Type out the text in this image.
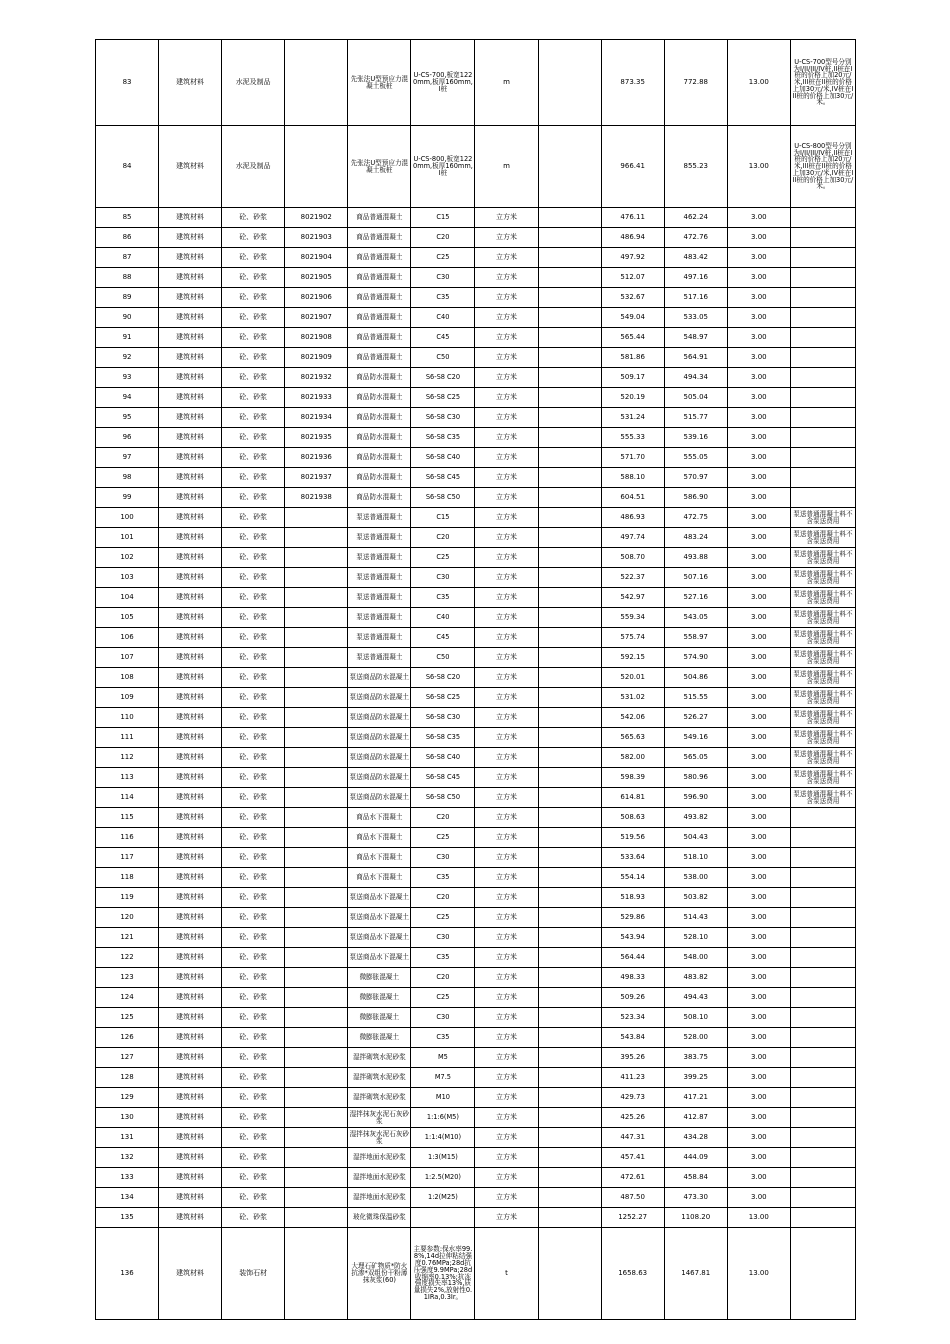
83	建筑材料	水泥及制品		先张法U型预应力混凝土板桩	U-CS-700,板宽1220mm,板厚160mm,I桩	m		873.35	772.88	13.00	U-CS-700型号分别为I/II/III/IV桩,II桩在I桩的价格上加20元/米,III桩在II桩的价格上加30元/米,IV桩在III桩的价格上加30元/米。
84	建筑材料	水泥及制品		先张法U型预应力混凝土板桩	U-CS-800,板宽1220mm,板厚160mm,I桩	m		966.41	855.23	13.00	U-CS-800型号分别为I/II/III/IV桩,II桩在I桩的价格上加20元/米,III桩在II桩的价格上加30元/米,IV桩在III桩的价格上加30元/米。
85	建筑材料	砼、砂浆	8021902	商品普通混凝土	C15	立方米		476.11	462.24	3.00	
86	建筑材料	砼、砂浆	8021903	商品普通混凝土	C20	立方米		486.94	472.76	3.00	
87	建筑材料	砼、砂浆	8021904	商品普通混凝土	C25	立方米		497.92	483.42	3.00	
88	建筑材料	砼、砂浆	8021905	商品普通混凝土	C30	立方米		512.07	497.16	3.00	
89	建筑材料	砼、砂浆	8021906	商品普通混凝土	C35	立方米		532.67	517.16	3.00	
90	建筑材料	砼、砂浆	8021907	商品普通混凝土	C40	立方米		549.04	533.05	3.00	
91	建筑材料	砼、砂浆	8021908	商品普通混凝土	C45	立方米		565.44	548.97	3.00	
92	建筑材料	砼、砂浆	8021909	商品普通混凝土	C50	立方米		581.86	564.91	3.00	
93	建筑材料	砼、砂浆	8021932	商品防水混凝土	S6-S8 C20	立方米		509.17	494.34	3.00	
94	建筑材料	砼、砂浆	8021933	商品防水混凝土	S6-S8 C25	立方米		520.19	505.04	3.00	
95	建筑材料	砼、砂浆	8021934	商品防水混凝土	S6-S8 C30	立方米		531.24	515.77	3.00	
96	建筑材料	砼、砂浆	8021935	商品防水混凝土	S6-S8 C35	立方米		555.33	539.16	3.00	
97	建筑材料	砼、砂浆	8021936	商品防水混凝土	S6-S8 C40	立方米		571.70	555.05	3.00	
98	建筑材料	砼、砂浆	8021937	商品防水混凝土	S6-S8 C45	立方米		588.10	570.97	3.00	
99	建筑材料	砼、砂浆	8021938	商品防水混凝土	S6-S8 C50	立方米		604.51	586.90	3.00	
100	建筑材料	砼、砂浆		泵送普通混凝土	C15	立方米		486.93	472.75	3.00	泵送普通混凝土料不含泵送费用
101	建筑材料	砼、砂浆		泵送普通混凝土	C20	立方米		497.74	483.24	3.00	泵送普通混凝土料不含泵送费用
102	建筑材料	砼、砂浆		泵送普通混凝土	C25	立方米		508.70	493.88	3.00	泵送普通混凝土料不含泵送费用
103	建筑材料	砼、砂浆		泵送普通混凝土	C30	立方米		522.37	507.16	3.00	泵送普通混凝土料不含泵送费用
104	建筑材料	砼、砂浆		泵送普通混凝土	C35	立方米		542.97	527.16	3.00	泵送普通混凝土料不含泵送费用
105	建筑材料	砼、砂浆		泵送普通混凝土	C40	立方米		559.34	543.05	3.00	泵送普通混凝土料不含泵送费用
106	建筑材料	砼、砂浆		泵送普通混凝土	C45	立方米		575.74	558.97	3.00	泵送普通混凝土料不含泵送费用
107	建筑材料	砼、砂浆		泵送普通混凝土	C50	立方米		592.15	574.90	3.00	泵送普通混凝土料不含泵送费用
108	建筑材料	砼、砂浆		泵送商品防水混凝土	S6-S8 C20	立方米		520.01	504.86	3.00	泵送普通混凝土料不含泵送费用
109	建筑材料	砼、砂浆		泵送商品防水混凝土	S6-S8 C25	立方米		531.02	515.55	3.00	泵送普通混凝土料不含泵送费用
110	建筑材料	砼、砂浆		泵送商品防水混凝土	S6-S8 C30	立方米		542.06	526.27	3.00	泵送普通混凝土料不含泵送费用
111	建筑材料	砼、砂浆		泵送商品防水混凝土	S6-S8 C35	立方米		565.63	549.16	3.00	泵送普通混凝土料不含泵送费用
112	建筑材料	砼、砂浆		泵送商品防水混凝土	S6-S8 C40	立方米		582.00	565.05	3.00	泵送普通混凝土料不含泵送费用
113	建筑材料	砼、砂浆		泵送商品防水混凝土	S6-S8 C45	立方米		598.39	580.96	3.00	泵送普通混凝土料不含泵送费用
114	建筑材料	砼、砂浆		泵送商品防水混凝土	S6-S8 C50	立方米		614.81	596.90	3.00	泵送普通混凝土料不含泵送费用
115	建筑材料	砼、砂浆		商品水下混凝土	C20	立方米		508.63	493.82	3.00	
116	建筑材料	砼、砂浆		商品水下混凝土	C25	立方米		519.56	504.43	3.00	
117	建筑材料	砼、砂浆		商品水下混凝土	C30	立方米		533.64	518.10	3.00	
118	建筑材料	砼、砂浆		商品水下混凝土	C35	立方米		554.14	538.00	3.00	
119	建筑材料	砼、砂浆		泵送商品水下混凝土	C20	立方米		518.93	503.82	3.00	
120	建筑材料	砼、砂浆		泵送商品水下混凝土	C25	立方米		529.86	514.43	3.00	
121	建筑材料	砼、砂浆		泵送商品水下混凝土	C30	立方米		543.94	528.10	3.00	
122	建筑材料	砼、砂浆		泵送商品水下混凝土	C35	立方米		564.44	548.00	3.00	
123	建筑材料	砼、砂浆		微膨胀混凝土	C20	立方米		498.33	483.82	3.00	
124	建筑材料	砼、砂浆		微膨胀混凝土	C25	立方米		509.26	494.43	3.00	
125	建筑材料	砼、砂浆		微膨胀混凝土	C30	立方米		523.34	508.10	3.00	
126	建筑材料	砼、砂浆		微膨胀混凝土	C35	立方米		543.84	528.00	3.00	
127	建筑材料	砼、砂浆		湿拌砌筑水泥砂浆	M5	立方米		395.26	383.75	3.00	
128	建筑材料	砼、砂浆		湿拌砌筑水泥砂浆	M7.5	立方米		411.23	399.25	3.00	
129	建筑材料	砼、砂浆		湿拌砌筑水泥砂浆	M10	立方米		429.73	417.21	3.00	
130	建筑材料	砼、砂浆		湿拌抹灰水泥石灰砂浆	1:1:6(M5)	立方米		425.26	412.87	3.00	
131	建筑材料	砼、砂浆		湿拌抹灰水泥石灰砂浆	1:1:4(M10)	立方米		447.31	434.28	3.00	
132	建筑材料	砼、砂浆		湿拌地面水泥砂浆	1:3(M15)	立方米		457.41	444.09	3.00	
133	建筑材料	砼、砂浆		湿拌地面水泥砂浆	1:2.5(M20)	立方米		472.61	458.84	3.00	
134	建筑材料	砼、砂浆		湿拌地面水泥砂浆	1:2(M25)	立方米		487.50	473.30	3.00	
135	建筑材料	砼、砂浆		玻化微珠保温砂浆		立方米		1252.27	1108.20	13.00	
136	建筑材料	装饰石材		大理石矿物质*防火抗渗*双组份干粉薄抹灰浆(60)	主要参数:保水率99.8%,14d拉伸粘结强度0.76MPa;28d抗压强度9.9MPa;28d收缩率0.13%;抗冻强度损失率13%,质量损失2%,放射性0.1IRa,0.3Ir。	t		1658.63	1467.81	13.00	
